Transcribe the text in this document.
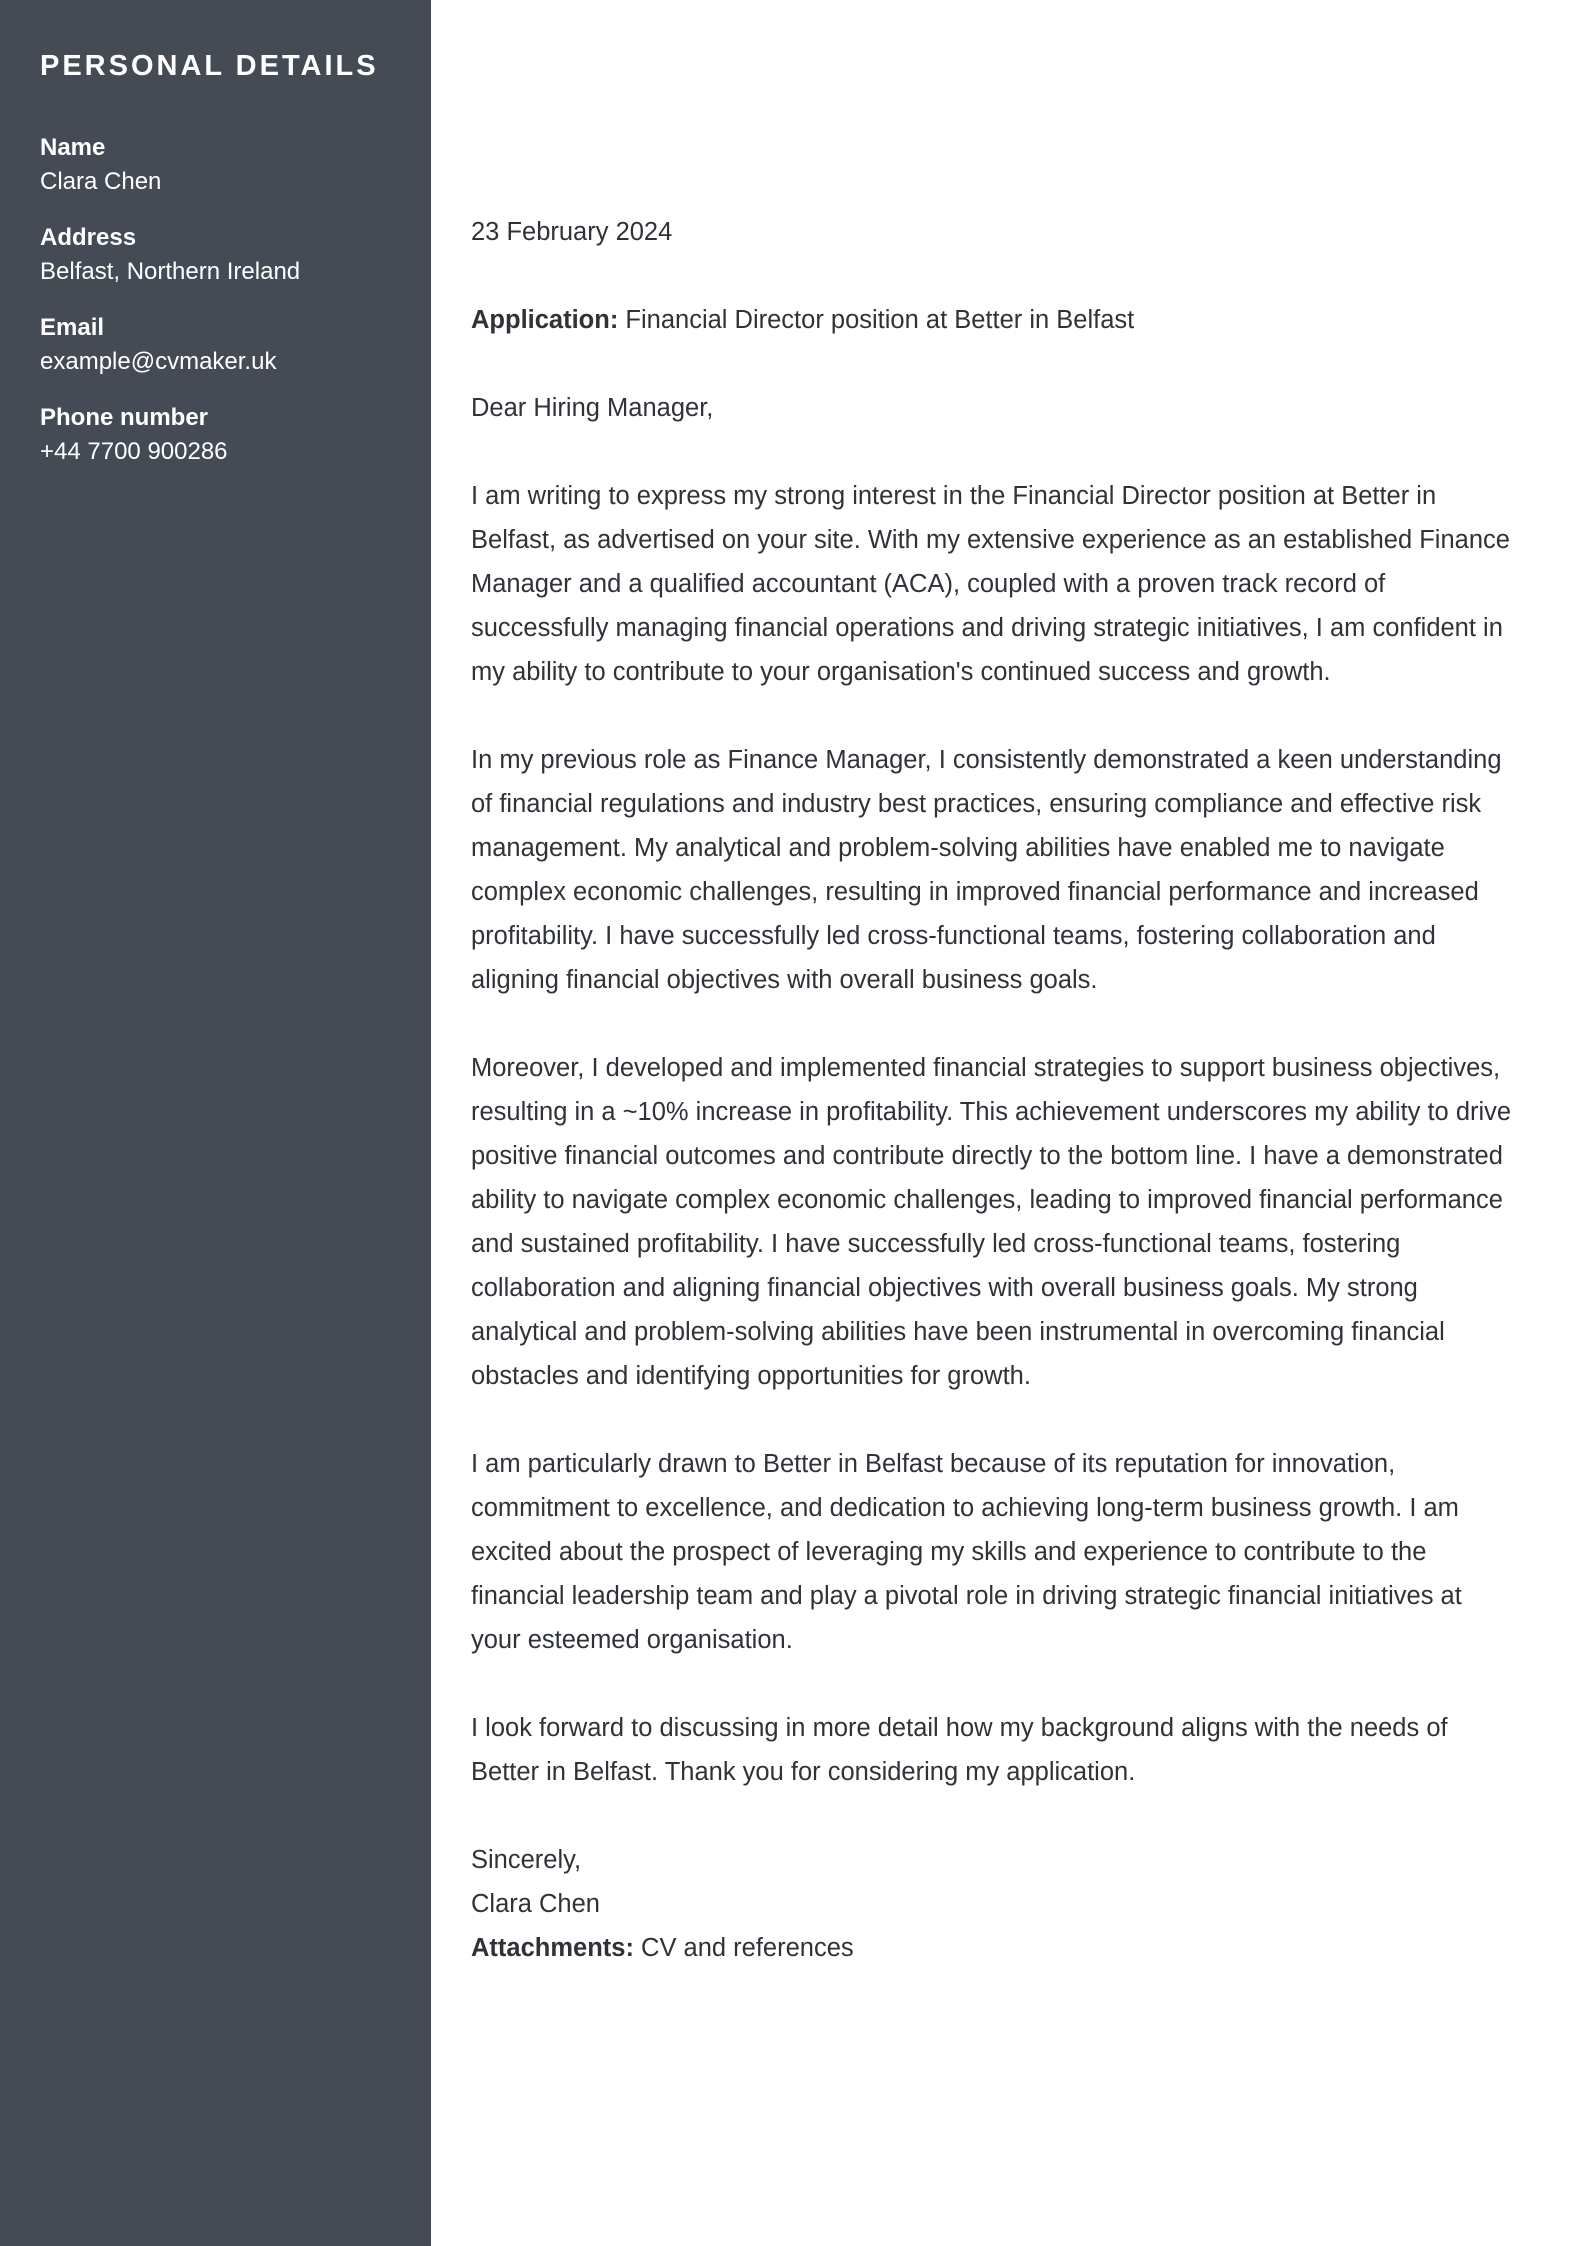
PERSONAL DETAILS
Name
Clara Chen
Address
Belfast, Northern Ireland
Email
example@cvmaker.uk
Phone number
+44 7700 900286
23 February 2024
Application: Financial Director position at Better in Belfast
Dear Hiring Manager,

I am writing to express my strong interest in the Financial Director position at Better in Belfast, as advertised on your site. With my extensive experience as an established Finance Manager and a qualified accountant (ACA), coupled with a proven track record of successfully managing financial operations and driving strategic initiatives, I am confident in my ability to contribute to your organisation's continued success and growth.

In my previous role as Finance Manager, I consistently demonstrated a keen understanding of financial regulations and industry best practices, ensuring compliance and effective risk management. My analytical and problem-solving abilities have enabled me to navigate complex economic challenges, resulting in improved financial performance and increased profitability. I have successfully led cross-functional teams, fostering collaboration and aligning financial objectives with overall business goals.

Moreover, I developed and implemented financial strategies to support business objectives, resulting in a ~10% increase in profitability. This achievement underscores my ability to drive positive financial outcomes and contribute directly to the bottom line. I have a demonstrated ability to navigate complex economic challenges, leading to improved financial performance and sustained profitability. I have successfully led cross-functional teams, fostering collaboration and aligning financial objectives with overall business goals. My strong analytical and problem-solving abilities have been instrumental in overcoming financial obstacles and identifying opportunities for growth.

I am particularly drawn to Better in Belfast because of its reputation for innovation, commitment to excellence, and dedication to achieving long-term business growth. I am excited about the prospect of leveraging my skills and experience to contribute to the financial leadership team and play a pivotal role in driving strategic financial initiatives at your esteemed organisation.

I look forward to discussing in more detail how my background aligns with the needs of Better in Belfast. Thank you for considering my application.

Sincerely,
Clara Chen
Attachments: CV and references
